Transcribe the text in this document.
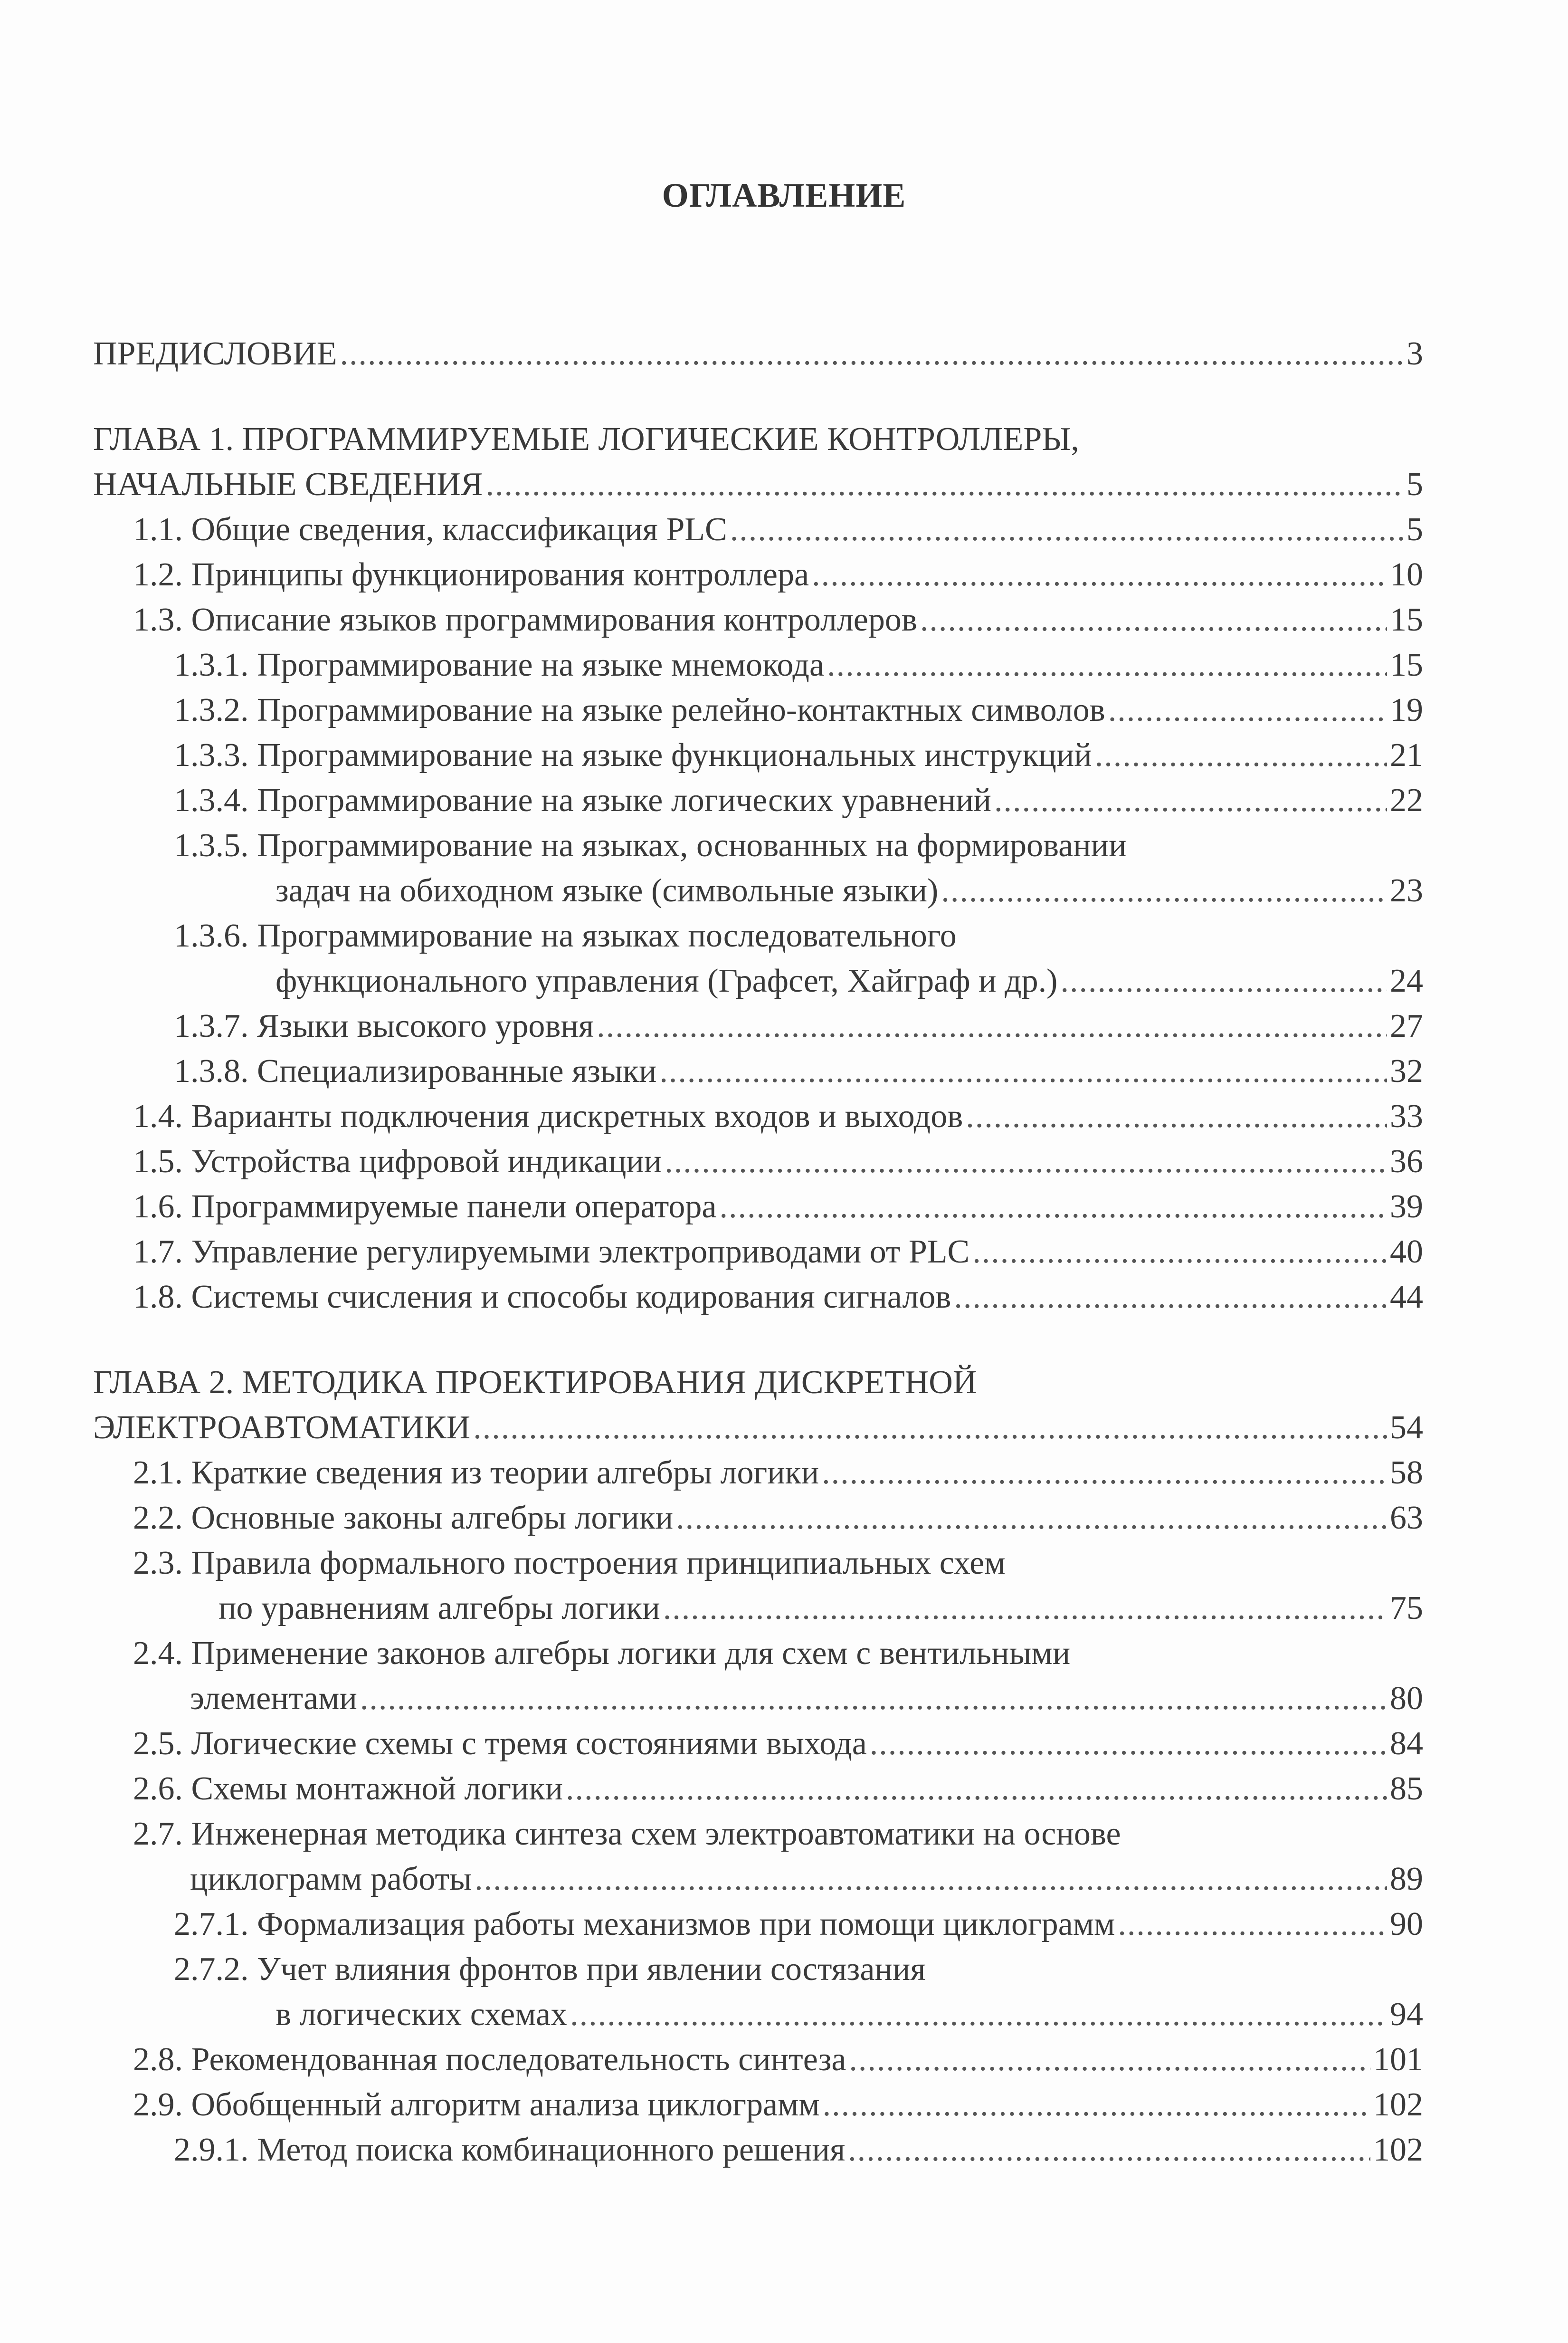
ОГЛАВЛЕНИЕ
ПРЕДИСЛОВИЕ .....	3
ГЛАВА 1. ПРОГРАММИРУЕМЫЕ ЛОГИЧЕСКИЕ КОНТРОЛЛЕРЫ,
НАЧАЛЬНЫЕ СВЕДЕНИЯ .....	5
1.1. Общие сведения, классификация PLC .....	5
1.2. Принципы функционирования контроллера .....	10
1.3. Описание языков программирования контроллеров .....	15
1.3.1. Программирование на языке мнемокода .....	15
1.3.2. Программирование на языке релейно-контактных символов .....	19
1.3.3. Программирование на языке функциональных инструкций .....	21
1.3.4. Программирование на языке логических уравнений .....	22
1.3.5. Программирование на языках, основанных на формировании
задач на обиходном языке (символьные языки) .....	23
1.3.6. Программирование на языках последовательного
функционального управления (Графсет, Хайграф и др.) .....	24
1.3.7. Языки высокого уровня .....	27
1.3.8. Специализированные языки .....	32
1.4. Варианты подключения дискретных входов и выходов .....	33
1.5. Устройства цифровой индикации .....	36
1.6. Программируемые панели оператора .....	39
1.7. Управление регулируемыми электроприводами от PLC .....	40
1.8. Системы счисления и способы кодирования сигналов .....	44
ГЛАВА 2. МЕТОДИКА ПРОЕКТИРОВАНИЯ ДИСКРЕТНОЙ
ЭЛЕКТРОАВТОМАТИКИ .....	54
2.1. Краткие сведения из теории алгебры логики .....	58
2.2. Основные законы алгебры логики .....	63
2.3. Правила формального построения принципиальных схем
по уравнениям алгебры логики .....	75
2.4. Применение законов алгебры логики для схем с вентильными
элементами .....	80
2.5. Логические схемы с тремя состояниями выхода .....	84
2.6. Схемы монтажной логики .....	85
2.7. Инженерная методика синтеза схем электроавтоматики на основе
циклограмм работы .....	89
2.7.1. Формализация работы механизмов при помощи циклограмм .....	90
2.7.2. Учет влияния фронтов при явлении состязания
в логических схемах .....	94
2.8. Рекомендованная последовательность синтеза .....	101
2.9. Обобщенный алгоритм анализа циклограмм .....	102
2.9.1. Метод поиска комбинационного решения .....	102
